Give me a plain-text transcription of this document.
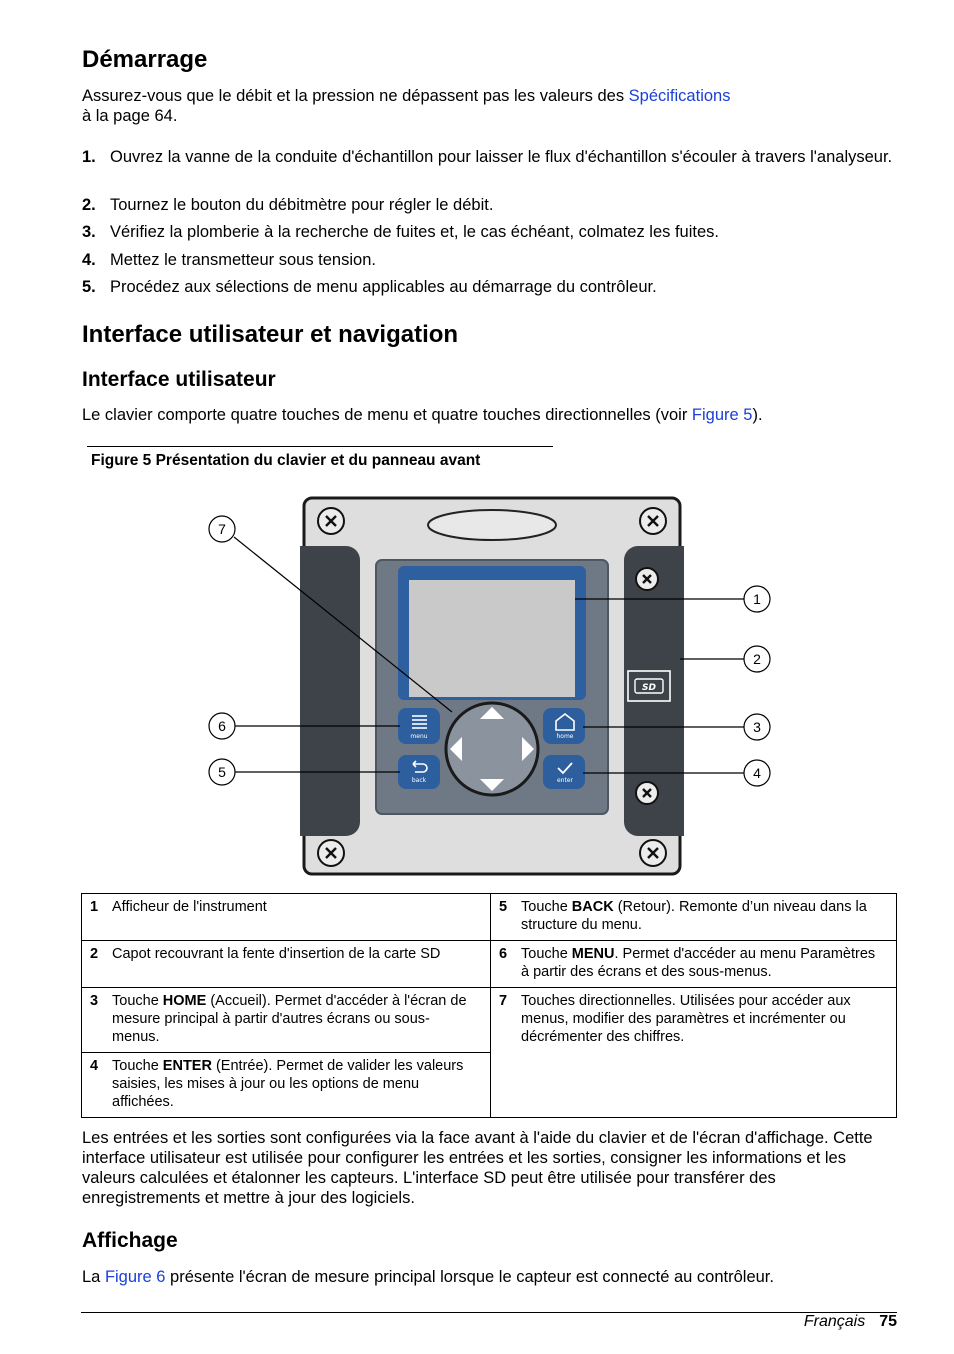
Démarrage

Assurez-vous que le débit et la pression ne dépassent pas les valeurs des Spécifications
à la page 64.

1. Ouvrez la vanne de la conduite d'échantillon pour laisser le flux d'échantillon s'écouler à travers l'analyseur.
2. Tournez le bouton du débitmètre pour régler le débit.
3. Vérifiez la plomberie à la recherche de fuites et, le cas échéant, colmatez les fuites.
4. Mettez le transmetteur sous tension.
5. Procédez aux sélections de menu applicables au démarrage du contrôleur.
Interface utilisateur et navigation
Interface utilisateur

Le clavier comporte quatre touches de menu et quatre touches directionnelles (voir Figure 5).

Figure 5 Présentation du clavier et du panneau avant
menu
back
home
enter
SD
1
2
3
4
5
6
7
1 Afficheur de l'instrument	5 Touche BACK (Retour). Remonte d’un niveau dans la structure du menu.
2 Capot recouvrant la fente d'insertion de la carte SD	6 Touche MENU. Permet d'accéder au menu Paramètres à partir des écrans et des sous-menus.
3 Touche HOME (Accueil). Permet d'accéder à l'écran de mesure principal à partir d'autres écrans ou sous-menus.	7 Touches directionnelles. Utilisées pour accéder aux menus, modifier des paramètres et incrémenter ou décrémenter des chiffres.
4 Touche ENTER (Entrée). Permet de valider les valeurs saisies, les mises à jour ou les options de menu affichées.	

Les entrées et les sorties sont configurées via la face avant à l'aide du clavier et de l'écran d'affichage. Cette interface utilisateur est utilisée pour configurer les entrées et les sorties, consigner les informations et les valeurs calculées et étalonner les capteurs. L'interface SD peut être utilisée pour transférer des enregistrements et mettre à jour des logiciels.

Affichage

La Figure 6 présente l'écran de mesure principal lorsque le capteur est connecté au contrôleur.

Français 75
